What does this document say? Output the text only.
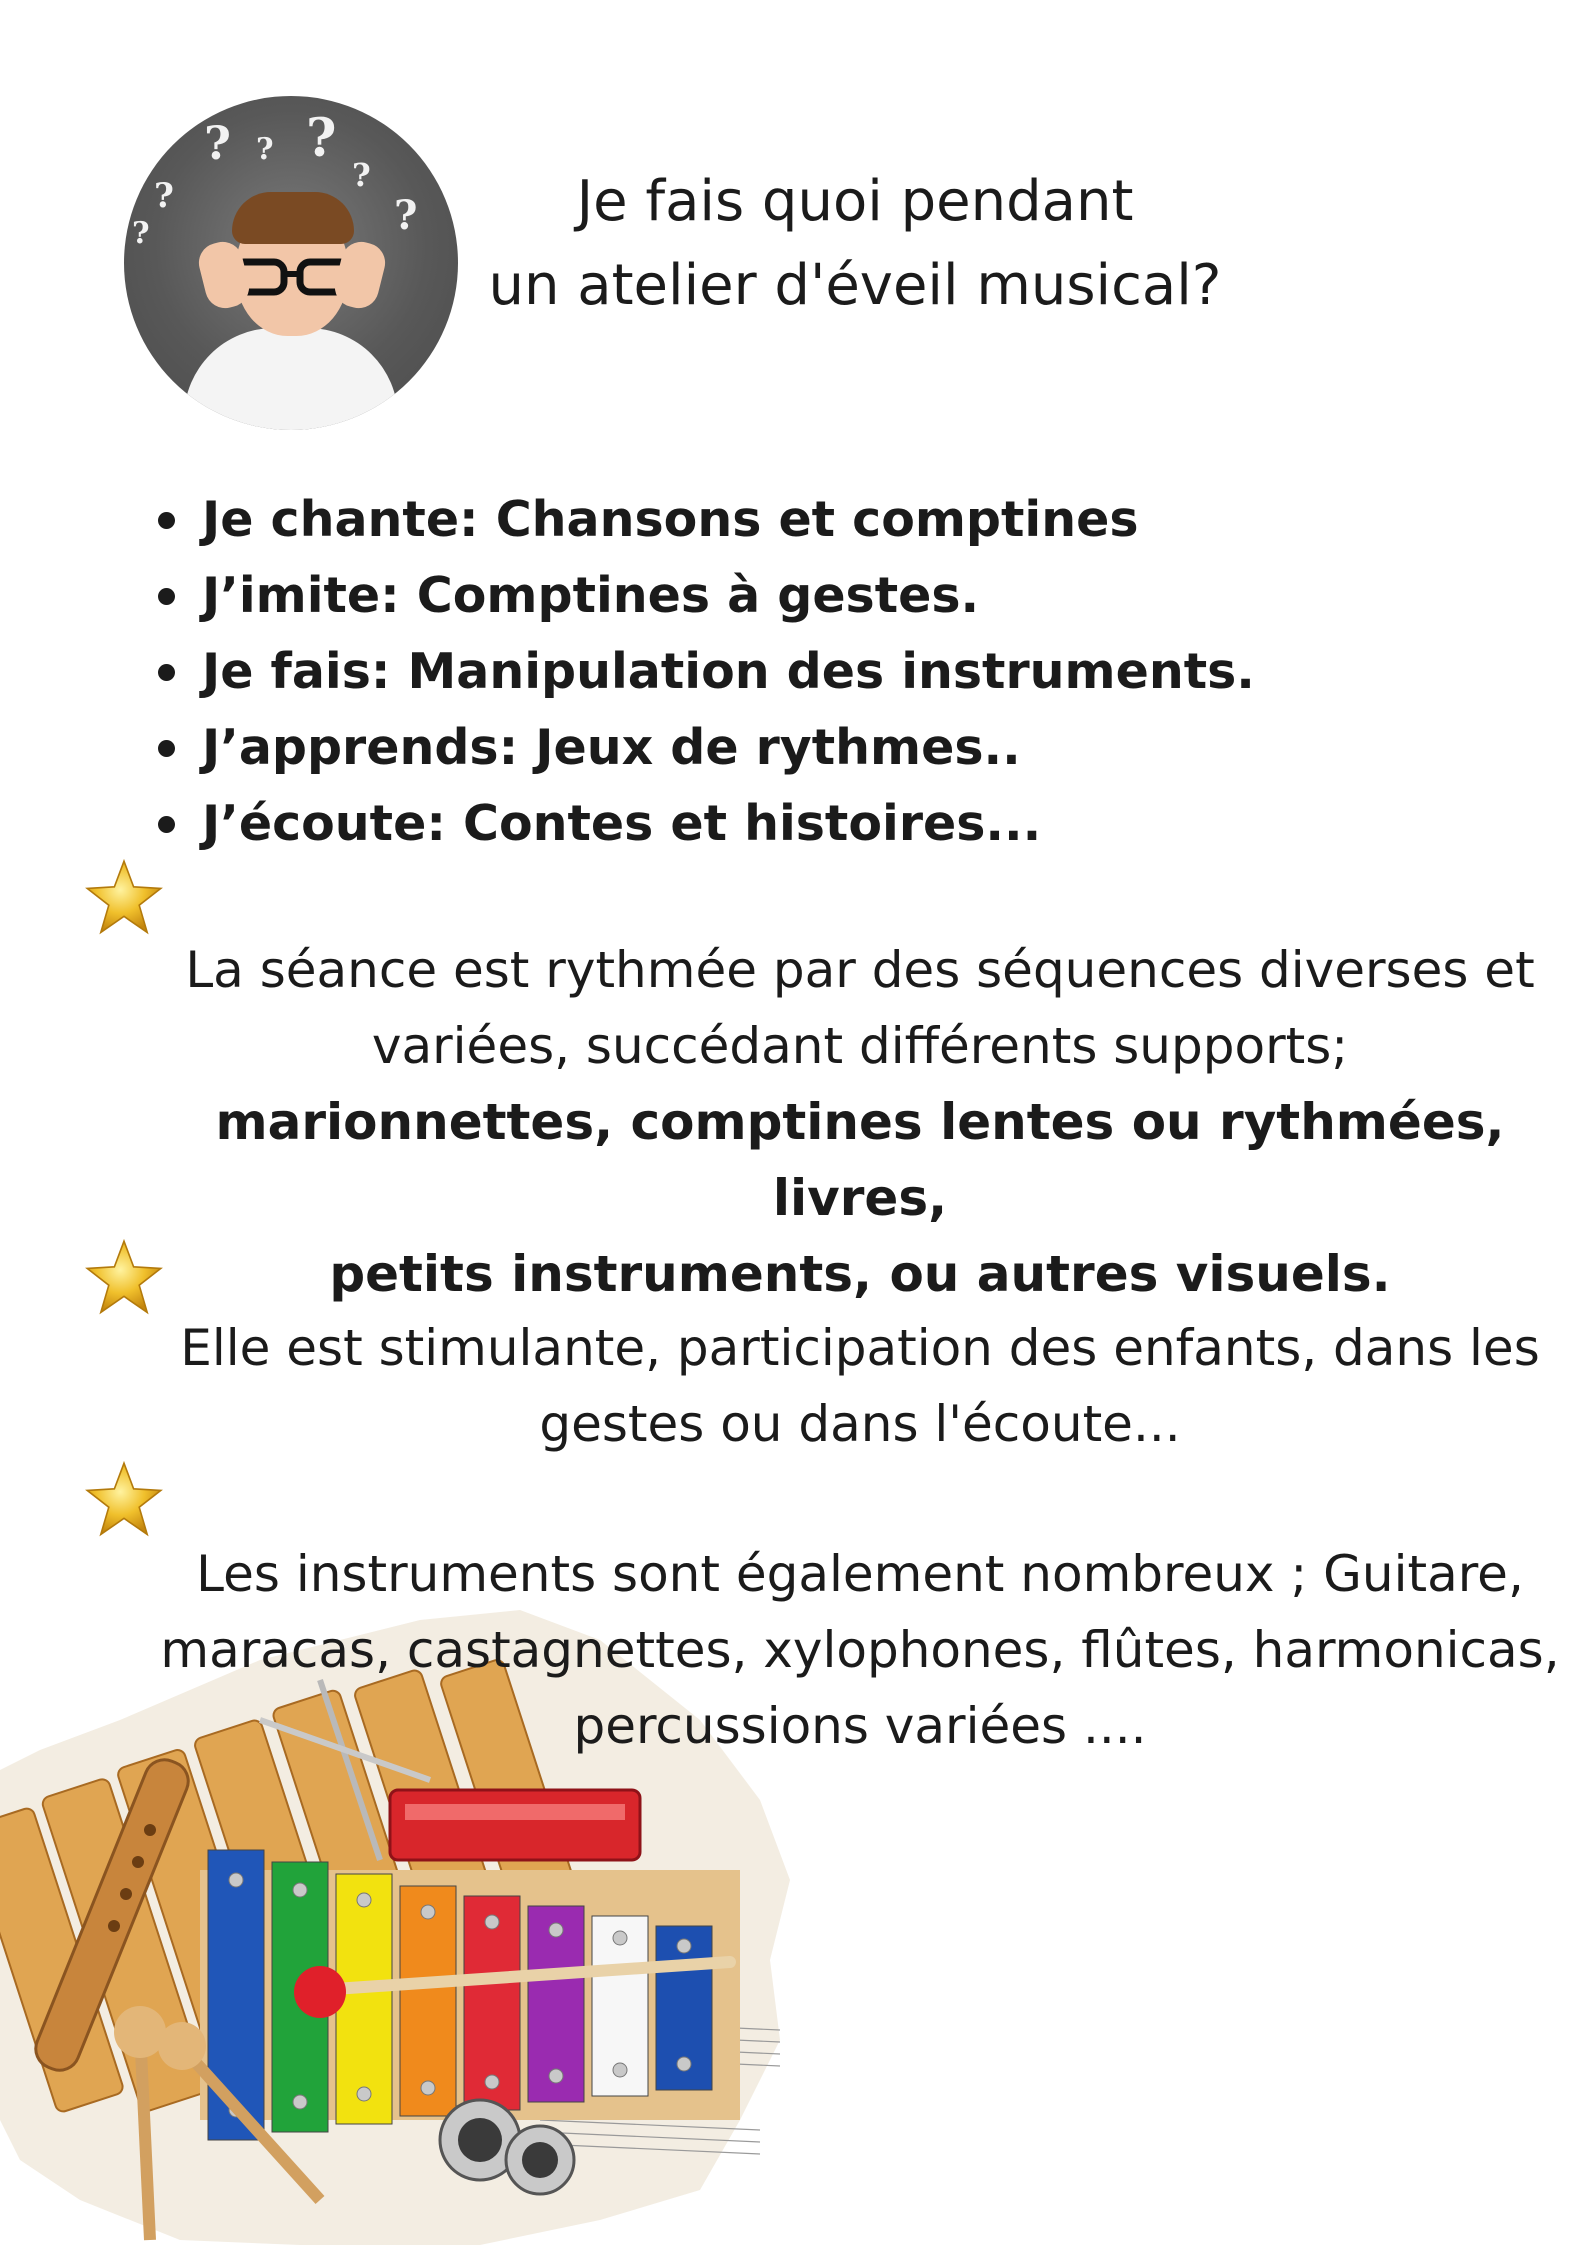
? ? ?
?
?	?
?	Je fais quoi pendant
un atelier d'éveil musical?
Je chante: Chansons et comptines
J’imite: Comptines à gestes.
Je fais: Manipulation des instruments.
J’apprends: Jeux de rythmes..
J’écoute: Contes et histoires...
La séance est rythmée par des séquences diverses et
variées, succédant différents supports;
marionnettes, comptines lentes ou rythmées, livres,
petits instruments, ou autres visuels.
Elle est stimulante, participation des enfants, dans les
gestes ou dans l'écoute...
Les instruments sont également nombreux ; Guitare,
maracas, castagnettes, xylophones, flûtes, harmonicas,
percussions variées ....
